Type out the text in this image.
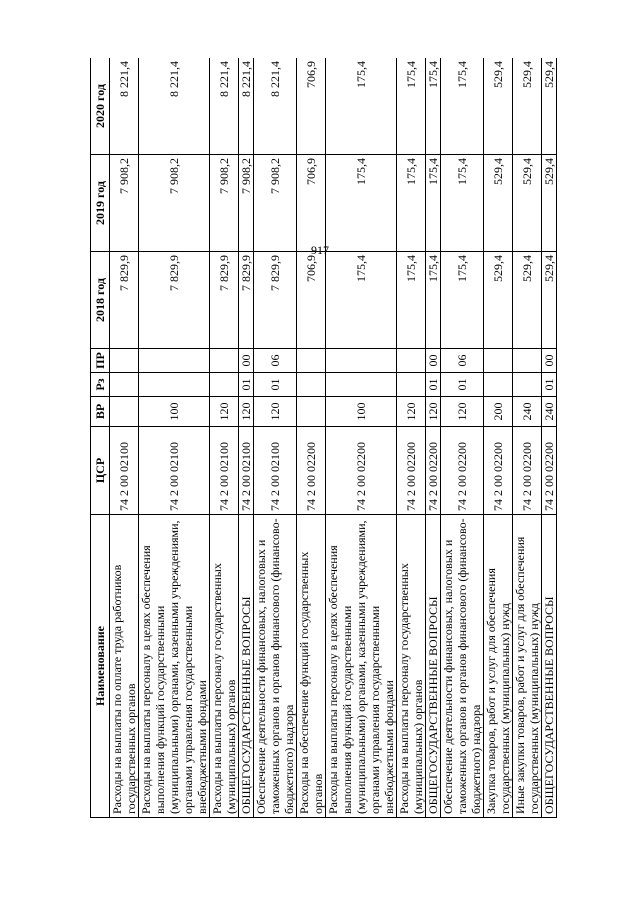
917
Наименование	ЦСР	ВР	Рз	ПР	2018 год	2019 год	2020 год
Расходы на выплаты по оплате труда работников государственных органов	74 2 00 02100				7 829,9	7 908,2	8 221,4
Расходы на выплаты персоналу в целях обеспечения выполнения функций государственными (муниципальными) органами, казенными учреждениями, органами управления государственными внебюджетными фондами	74 2 00 02100	100			7 829,9	7 908,2	8 221,4
Расходы на выплаты персоналу государственных (муниципальных) органов	74 2 00 02100	120			7 829,9	7 908,2	8 221,4
ОБЩЕГОСУДАРСТВЕННЫЕ ВОПРОСЫ	74 2 00 02100	120	01	00	7 829,9	7 908,2	8 221,4
Обеспечение деятельности финансовых, налоговых и таможенных органов и органов финансового (финансово-бюджетного) надзора	74 2 00 02100	120	01	06	7 829,9	7 908,2	8 221,4
Расходы на обеспечение функций государственных органов	74 2 00 02200				706,9	706,9	706,9
Расходы на выплаты персоналу в целях обеспечения выполнения функций государственными (муниципальными) органами, казенными учреждениями, органами управления государственными внебюджетными фондами	74 2 00 02200	100			175,4	175,4	175,4
Расходы на выплаты персоналу государственных (муниципальных) органов	74 2 00 02200	120			175,4	175,4	175,4
ОБЩЕГОСУДАРСТВЕННЫЕ ВОПРОСЫ	74 2 00 02200	120	01	00	175,4	175,4	175,4
Обеспечение деятельности финансовых, налоговых и таможенных органов и органов финансового (финансово-бюджетного) надзора	74 2 00 02200	120	01	06	175,4	175,4	175,4
Закупка товаров, работ и услуг для обеспечения государственных (муниципальных) нужд	74 2 00 02200	200			529,4	529,4	529,4
Иные закупки товаров, работ и услуг для обеспечения государственных (муниципальных) нужд	74 2 00 02200	240			529,4	529,4	529,4
ОБЩЕГОСУДАРСТВЕННЫЕ ВОПРОСЫ	74 2 00 02200	240	01	00	529,4	529,4	529,4
